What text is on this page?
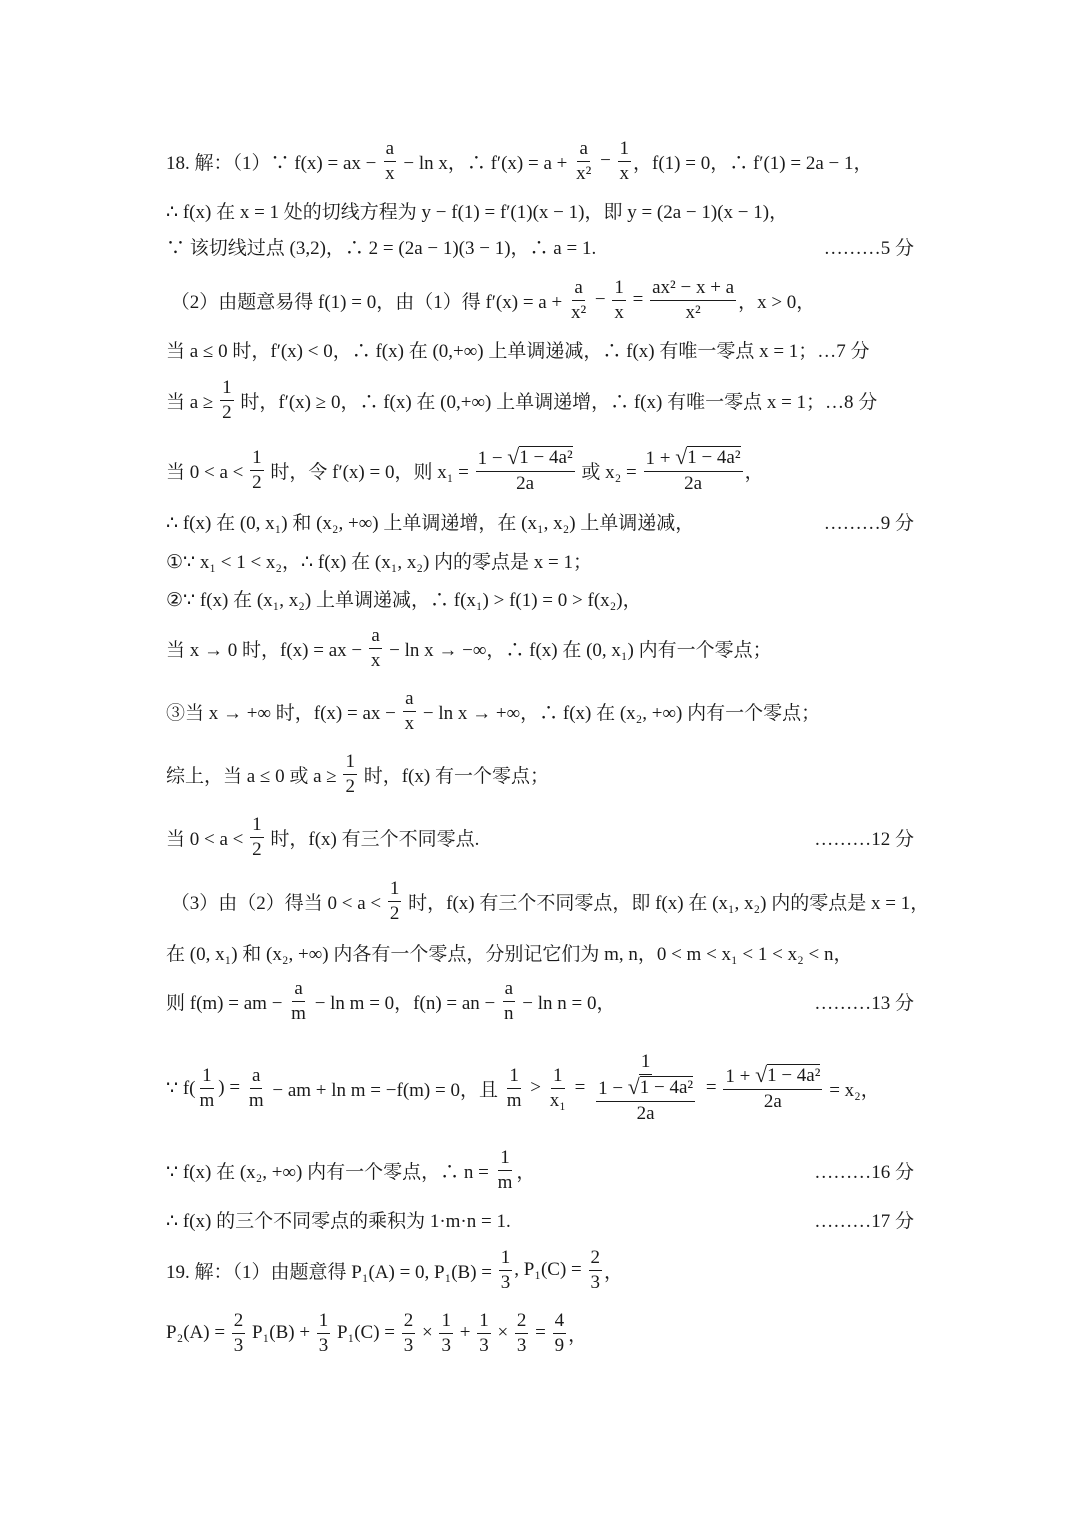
18. 解：（1）∵ f(x) = ax − $\frac{a}{x} - \ln x$，∴ $f'(x) = a + \frac{a}{\text{x²}} - \frac{1}{x}$ ，f(1) = 0，∴ f′(1) = 2a − 1，
∴ f(x) 在 x = 1 处的切线方程为 y − f(1) = f′(1)(x − 1)，即 y = (2a − 1)(x − 1)，
∵ 该切线过点 (3,2)，∴ 2 = (2a − 1)(3 − 1)，∴ a = 1.	………5 分
（2）由题意易得 f(1) = 0，由（1）得 $f'(x) = a + \frac{a}{\text{x²}} - \frac{1}{x} = \frac{\text{ax² − x + a}}{\text{x²}}$ ，x > 0，
当 a ≤ 0 时，f′(x) < 0，∴ f(x) 在 (0,+∞) 上单调递减，∴ f(x) 有唯一零点 x = 1；…7 分
当 $a \ge \frac{1}{2}$ 时，f′(x) ≥ 0，∴ f(x) 在 (0,+∞) 上单调递增，∴ f(x) 有唯一零点 x = 1；…8 分
当 $0 < a < \frac{1}{2}$ 时，令 f′(x) = 0，则 $x_1 = \frac{\text{1 − √ 1 − 4a²}}{2a}$ 或 $x_2 = \frac{\text{1 + √ 1 − 4a²}}{2a}$ ，
∴ f(x) 在 (0, x₁) 和 (x₂, +∞) 上单调递增，在 (x₁, x₂) 上单调递减，	………9 分
①∵ x₁ < 1 < x₂，∴ f(x) 在 (x₁, x₂) 内的零点是 x = 1；
②∵ f(x) 在 (x₁, x₂) 上单调递减，∴ f(x₁) > f(1) = 0 > f(x₂)，
当 x → 0 时，f(x) = ax − $\frac{a}{x} - \ln x$ → −∞，∴ f(x) 在 (0, x₁) 内有一个零点；
③当 x → +∞ 时，f(x) = ax − $\frac{a}{x} - \ln x$ → +∞，∴ f(x) 在 (x₂, +∞) 内有一个零点；
综上，当 a ≤ 0 或 $a \ge \frac{1}{2}$ 时，f(x) 有一个零点；
当 $0 < a < \frac{1}{2}$ 时，f(x) 有三个不同零点.	………12 分
（3）由（2）得当 $0 < a < \frac{1}{2}$ 时，f(x) 有三个不同零点，即 f(x) 在 (x₁, x₂) 内的零点是 x = 1，
在 (0, x₁) 和 (x₂, +∞) 内各有一个零点，分别记它们为 m, n，0 < m < x₁ < 1 < x₂ < n，
则 f(m) = am − $\frac{a}{m} - \ln m = 0$，f(n) = an − $\frac{a}{n} - \ln n = 0$，	………13 分
∵ $f( \frac{1}{m}$ ) = $\frac{a}{m}$ − am + ln m = −f(m) = 0，且 $\frac{1}{m} > \frac{1}{\text{x₁}} = \frac{1}{\frac{\text{1 − √ 1 − 4a²}}{2a}} = \frac{\text{1 + √ 1 − 4a²}}{2a} = x_2$，
∵ f(x) 在 (x₂, +∞) 内有一个零点，∴ $n = \frac{1}{m}$ ，	………16 分
∴ f(x) 的三个不同零点的乘积为 1·m·n = 1.	………17 分
19. 解：（1）由题意得 P₁(A) = 0, $P_1(B) = \frac{1}{3}$ , $P_1(C) = \frac{2}{3}$ ，
$P_2(A) = \frac{2}{3} P_1(B) + \frac{1}{3} P_1(C) = \frac{2}{3} \times \frac{1}{3} + \frac{1}{3} \times \frac{2}{3} = \frac{4}{9}$ ，
